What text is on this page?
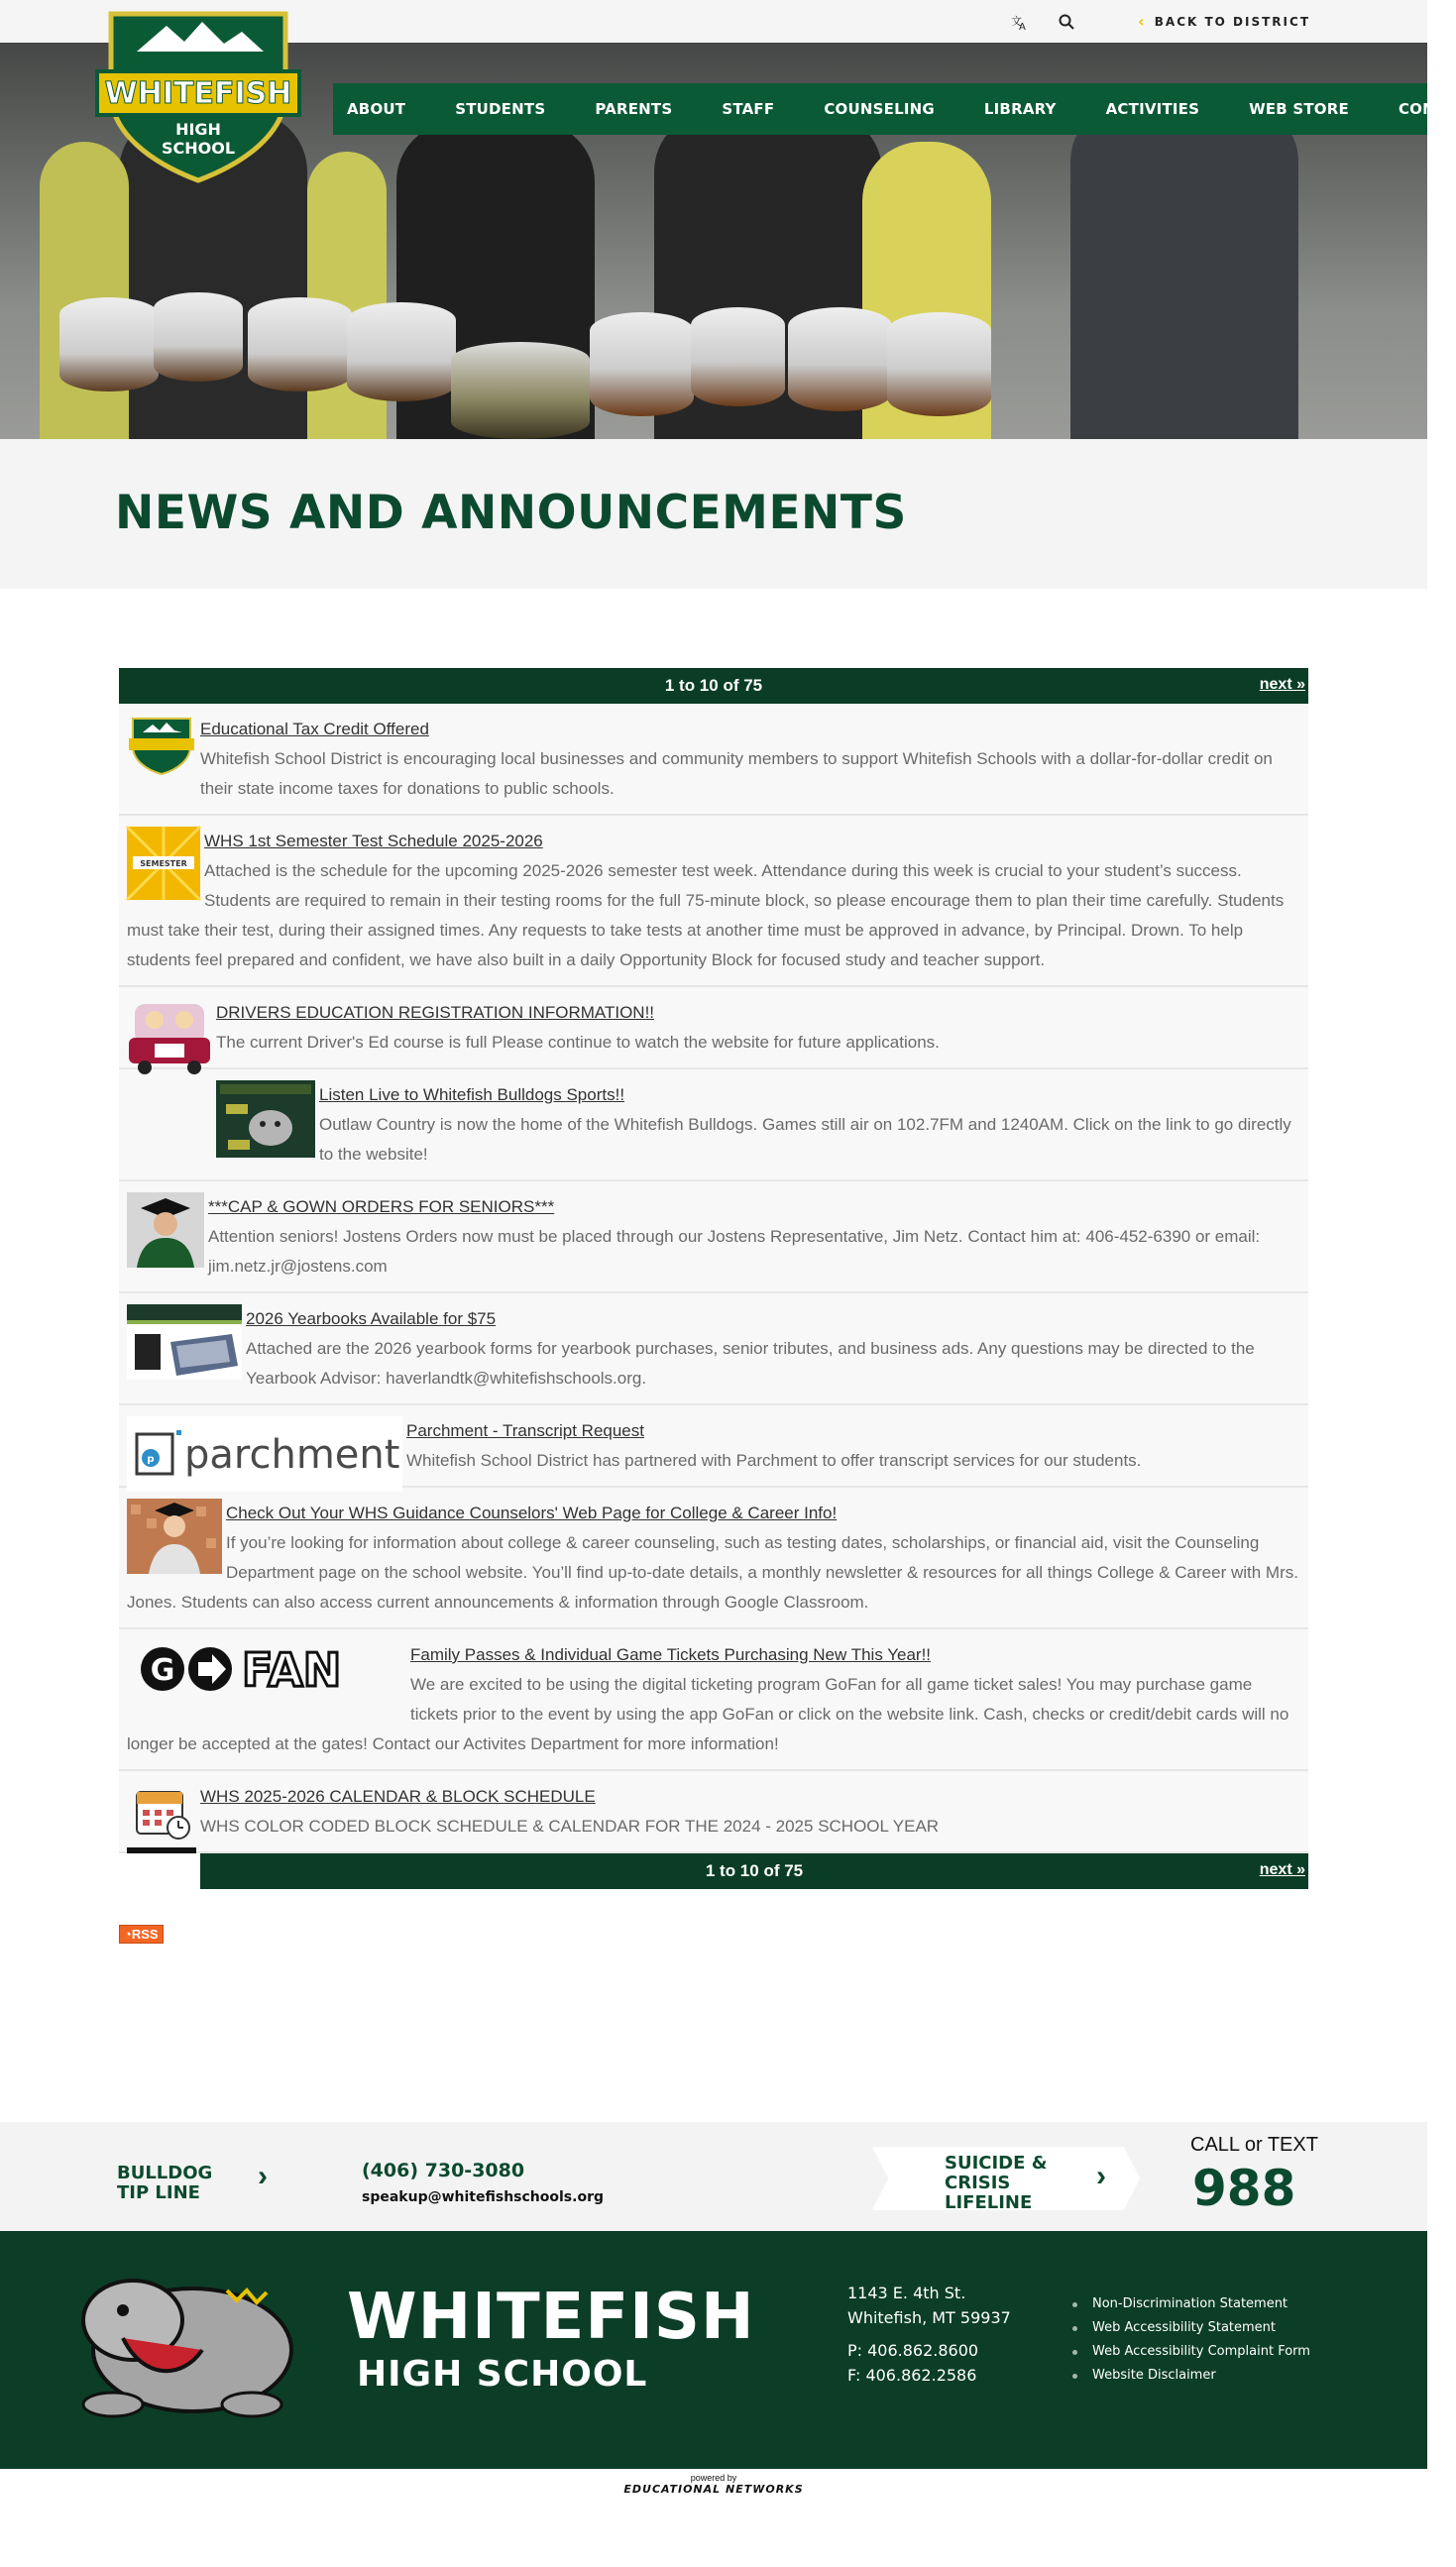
文
A	‹ BACK TO DISTRICT
WHITEFISH
HIGH
SCHOOL
ABOUT	STUDENTS	PARENTS	STAFF	COUNSELING	LIBRARY	ACTIVITIES	WEB STORE	CONTA
NEWS AND ANNOUNCEMENTS
1 to 10 of 75	next »
Educational Tax Credit Offered
Whitefish School District is encouraging local businesses and community members to support Whitefish Schools with a dollar-for-dollar credit on their state income taxes for donations to public schools.
SEMESTER
WHS 1st Semester Test Schedule 2025-2026
Attached is the schedule for the upcoming 2025-2026 semester test week. Attendance during this week is crucial to your student’s success. Students are required to remain in their testing rooms for the full 75-minute block, so please encourage them to plan their time carefully. Students must take their test, during their assigned times. Any requests to take tests at another time must be approved in advance, by Principal. Drown. To help students feel prepared and confident, we have also built in a daily Opportunity Block for focused study and teacher support.
DRIVERS EDUCATION REGISTRATION INFORMATION!!
The current Driver's Ed course is full Please continue to watch the website for future applications.
Listen Live to Whitefish Bulldogs Sports!!
Outlaw Country is now the home of the Whitefish Bulldogs. Games still air on 102.7FM and 1240AM. Click on the link to go directly to the website!
***CAP & GOWN ORDERS FOR SENIORS***
Attention seniors! Jostens Orders now must be placed through our Jostens Representative, Jim Netz. Contact him at: 406-452-6390 or email: jim.netz.jr@jostens.com
2026 Yearbooks Available for $75
Attached are the 2026 yearbook forms for yearbook purchases, senior tributes, and business ads. Any questions may be directed to the Yearbook Advisor: haverlandtk@whitefishschools.org.
p parchment
Parchment - Transcript Request
Whitefish School District has partnered with Parchment to offer transcript services for our students.
Check Out Your WHS Guidance Counselors' Web Page for College & Career Info!
If you’re looking for information about college & career counseling, such as testing dates, scholarships, or financial aid, visit the Counseling Department page on the school website. You’ll find up-to-date details, a monthly newsletter & resources for all things College & Career with Mrs. Jones. Students can also access current announcements & information through Google Classroom.
G FAN	Family Passes & Individual Game Tickets Purchasing New This Year!!
We are excited to be using the digital ticketing program GoFan for all game ticket sales! You may purchase game tickets prior to the event by using the app GoFan or click on the website link. Cash, checks or credit/debit cards will no longer be accepted at the gates! Contact our Activites Department for more information!
WHS 2025-2026 CALENDAR & BLOCK SCHEDULE
WHS COLOR CODED BLOCK SCHEDULE & CALENDAR FOR THE 2024 - 2025 SCHOOL YEAR
1 to 10 of 75	next »
◔RSS
BULLDOG TIP LINE
›	(406) 730-3080
speakup@whitefishschools.org
SUICIDE & CRISIS LIFELINE
›
CALL or TEXT
988
WHITEFISH
HIGH SCHOOL
1143 E. 4th St.
Whitefish, MT 59937
P: 406.862.8600
F: 406.862.2586
Non-Discrimination Statement
Web Accessibility Statement
Web Accessibility Complaint Form
Website Disclaimer
powered by
EDUCATIONAL NETWORKS
